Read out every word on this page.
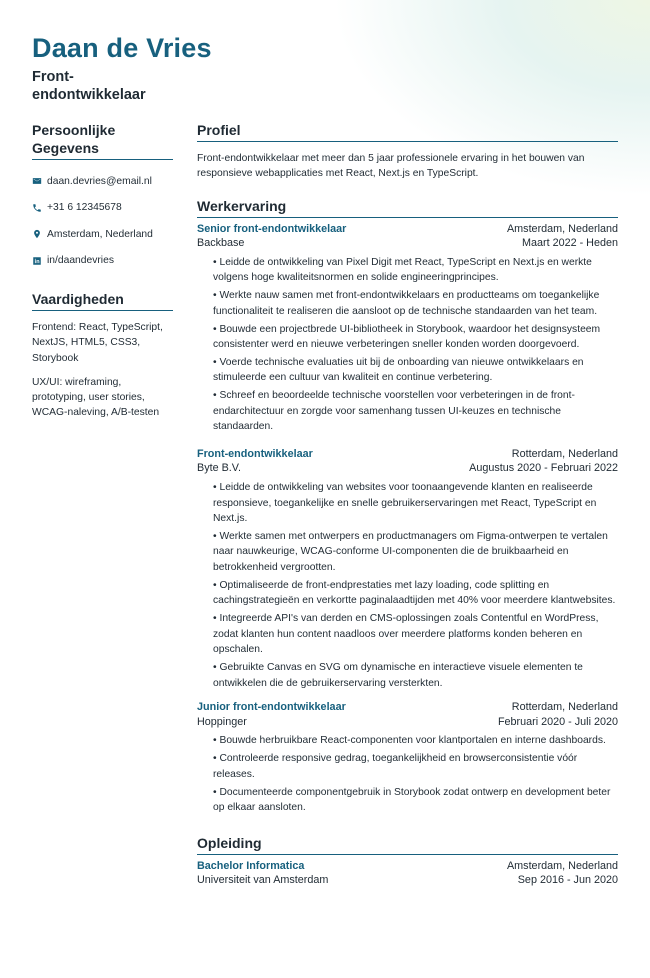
Daan de Vries
Front-endontwikkelaar
Persoonlijke Gegevens
daan.devries@email.nl
+31 6 12345678
Amsterdam, Nederland
in/daandevries
Vaardigheden
Frontend: React, TypeScript, NextJS, HTML5, CSS3, Storybook
UX/UI: wireframing, prototyping, user stories, WCAG-naleving, A/B-testen
Profiel
Front-endontwikkelaar met meer dan 5 jaar professionele ervaring in het bouwen van responsieve webapplicaties met React, Next.js en TypeScript.
Werkervaring
Senior front-endontwikkelaar	Amsterdam, Nederland
Backbase	Maart 2022 - Heden
• Leidde de ontwikkeling van Pixel Digit met React, TypeScript en Next.js en werkte volgens hoge kwaliteitsnormen en solide engineeringprincipes.
• Werkte nauw samen met front-endontwikkelaars en productteams om toegankelijke functionaliteit te realiseren die aansloot op de technische standaarden van het team.
• Bouwde een projectbrede UI-bibliotheek in Storybook, waardoor het designsysteem consistenter werd en nieuwe verbeteringen sneller konden worden doorgevoerd.
• Voerde technische evaluaties uit bij de onboarding van nieuwe ontwikkelaars en stimuleerde een cultuur van kwaliteit en continue verbetering.
• Schreef en beoordeelde technische voorstellen voor verbeteringen in de front-endarchitectuur en zorgde voor samenhang tussen UI-keuzes en technische standaarden.
Front-endontwikkelaar	Rotterdam, Nederland
Byte B.V.	Augustus 2020 - Februari 2022
• Leidde de ontwikkeling van websites voor toonaangevende klanten en realiseerde responsieve, toegankelijke en snelle gebruikerservaringen met React, TypeScript en Next.js.
• Werkte samen met ontwerpers en productmanagers om Figma-ontwerpen te vertalen naar nauwkeurige, WCAG-conforme UI-componenten die de bruikbaarheid en betrokkenheid vergrootten.
• Optimaliseerde de front-endprestaties met lazy loading, code splitting en cachingstrategieën en verkortte paginalaadtijden met 40% voor meerdere klantwebsites.
• Integreerde API's van derden en CMS-oplossingen zoals Contentful en WordPress, zodat klanten hun content naadloos over meerdere platforms konden beheren en opschalen.
• Gebruikte Canvas en SVG om dynamische en interactieve visuele elementen te ontwikkelen die de gebruikerservaring versterkten.
Junior front-endontwikkelaar	Rotterdam, Nederland
Hoppinger	Februari 2020 - Juli 2020
• Bouwde herbruikbare React-componenten voor klantportalen en interne dashboards.
• Controleerde responsive gedrag, toegankelijkheid en browserconsistentie vóór releases.
• Documenteerde componentgebruik in Storybook zodat ontwerp en development beter op elkaar aansloten.
Opleiding
Bachelor Informatica	Amsterdam, Nederland
Universiteit van Amsterdam	Sep 2016 - Jun 2020
